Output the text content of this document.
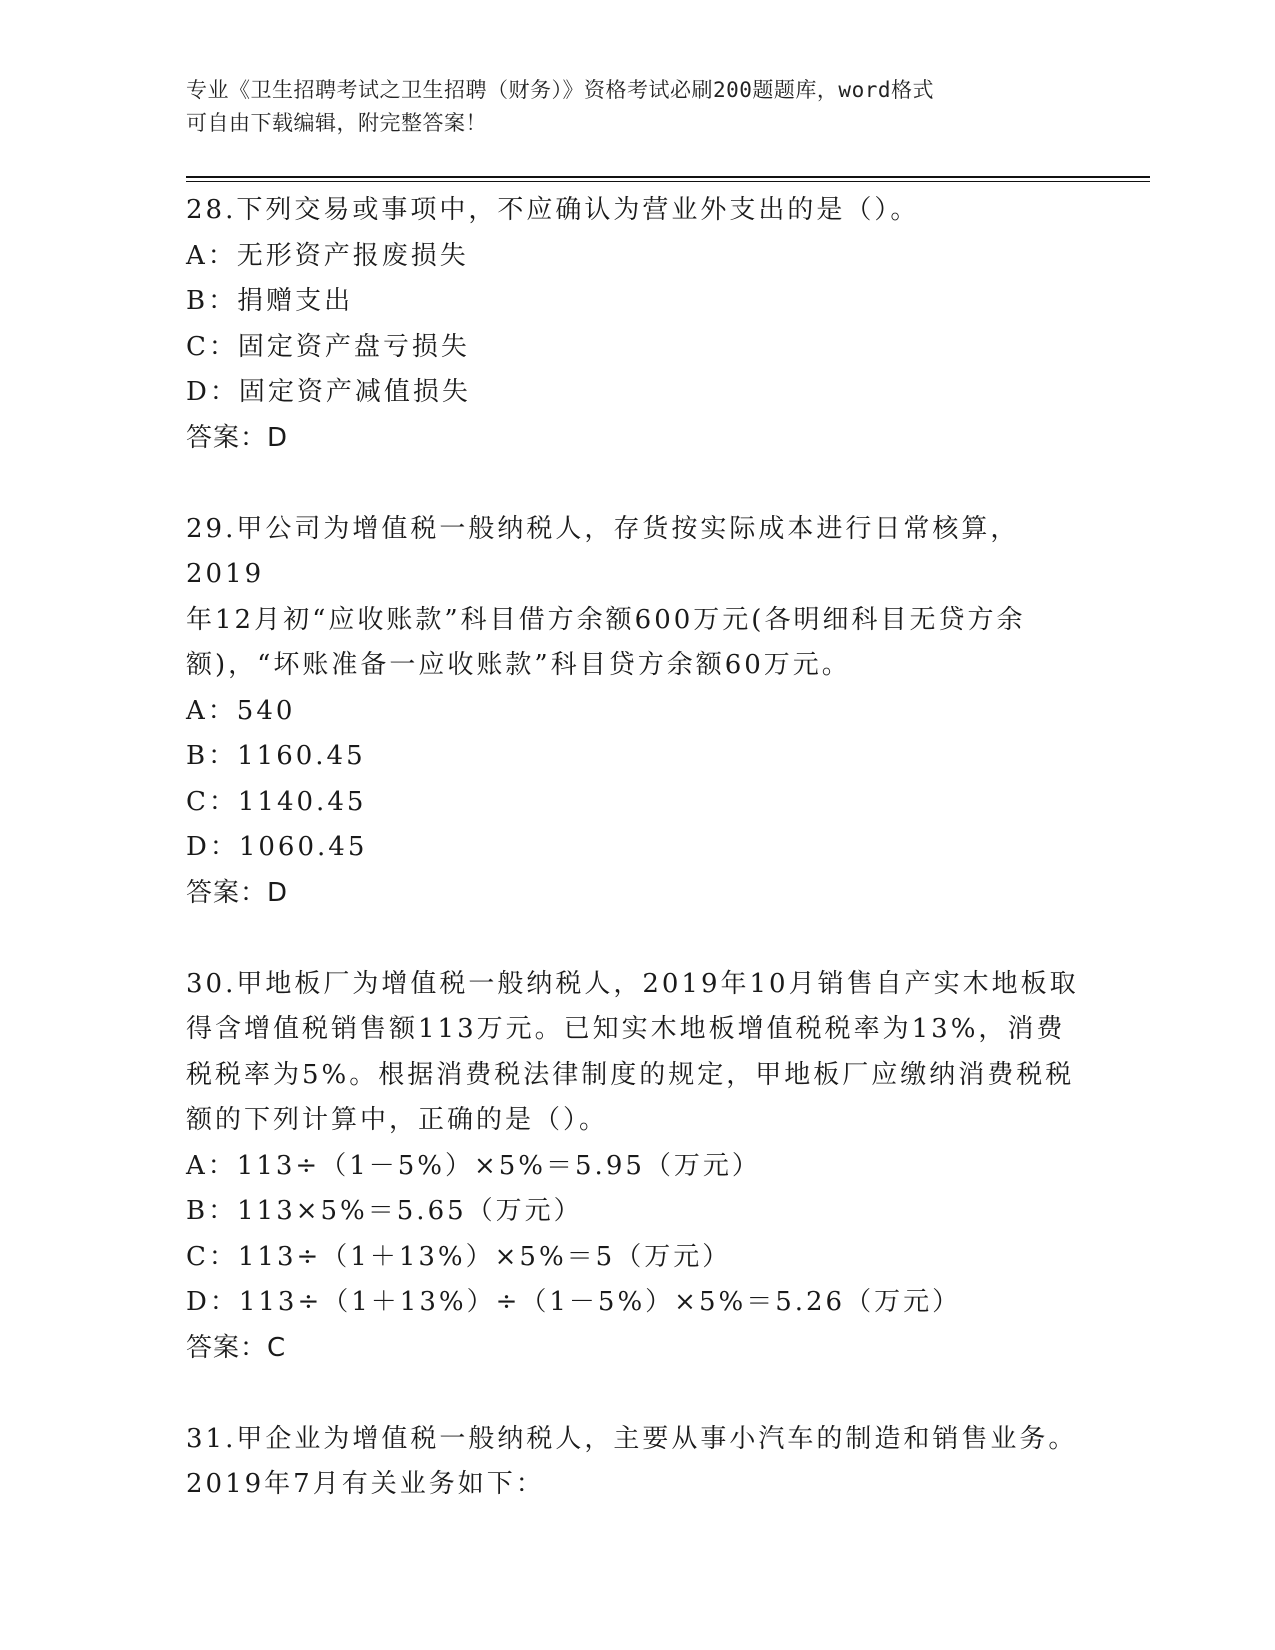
专业《卫生招聘考试之卫生招聘（财务）》资格考试必刷200题题库，word格式
可自由下载编辑，附完整答案！
28.下列交易或事项中，不应确认为营业外支出的是（）。
A：无形资产报废损失
B：捐赠支出
C：固定资产盘亏损失
D：固定资产减值损失
答案：D
29.甲公司为增值税一般纳税人，存货按实际成本进行日常核算，2019
年12月初“应收账款”科目借方余额600万元(各明细科目无贷方余
额)，“坏账准备一应收账款”科目贷方余额60万元。
A：540
B：1160.45
C：1140.45
D：1060.45
答案：D
30.甲地板厂为增值税一般纳税人，2019年10月销售自产实木地板取
得含增值税销售额113万元。已知实木地板增值税税率为13%，消费
税税率为5%。根据消费税法律制度的规定，甲地板厂应缴纳消费税税
额的下列计算中，正确的是（）。
A：113÷（1－5%）×5%＝5.95（万元）
B：113×5%＝5.65（万元）
C：113÷（1＋13%）×5%＝5（万元）
D：113÷（1＋13%）÷（1－5%）×5%＝5.26（万元）
答案：C
31.甲企业为增值税一般纳税人，主要从事小汽车的制造和销售业务。
2019年7月有关业务如下：
